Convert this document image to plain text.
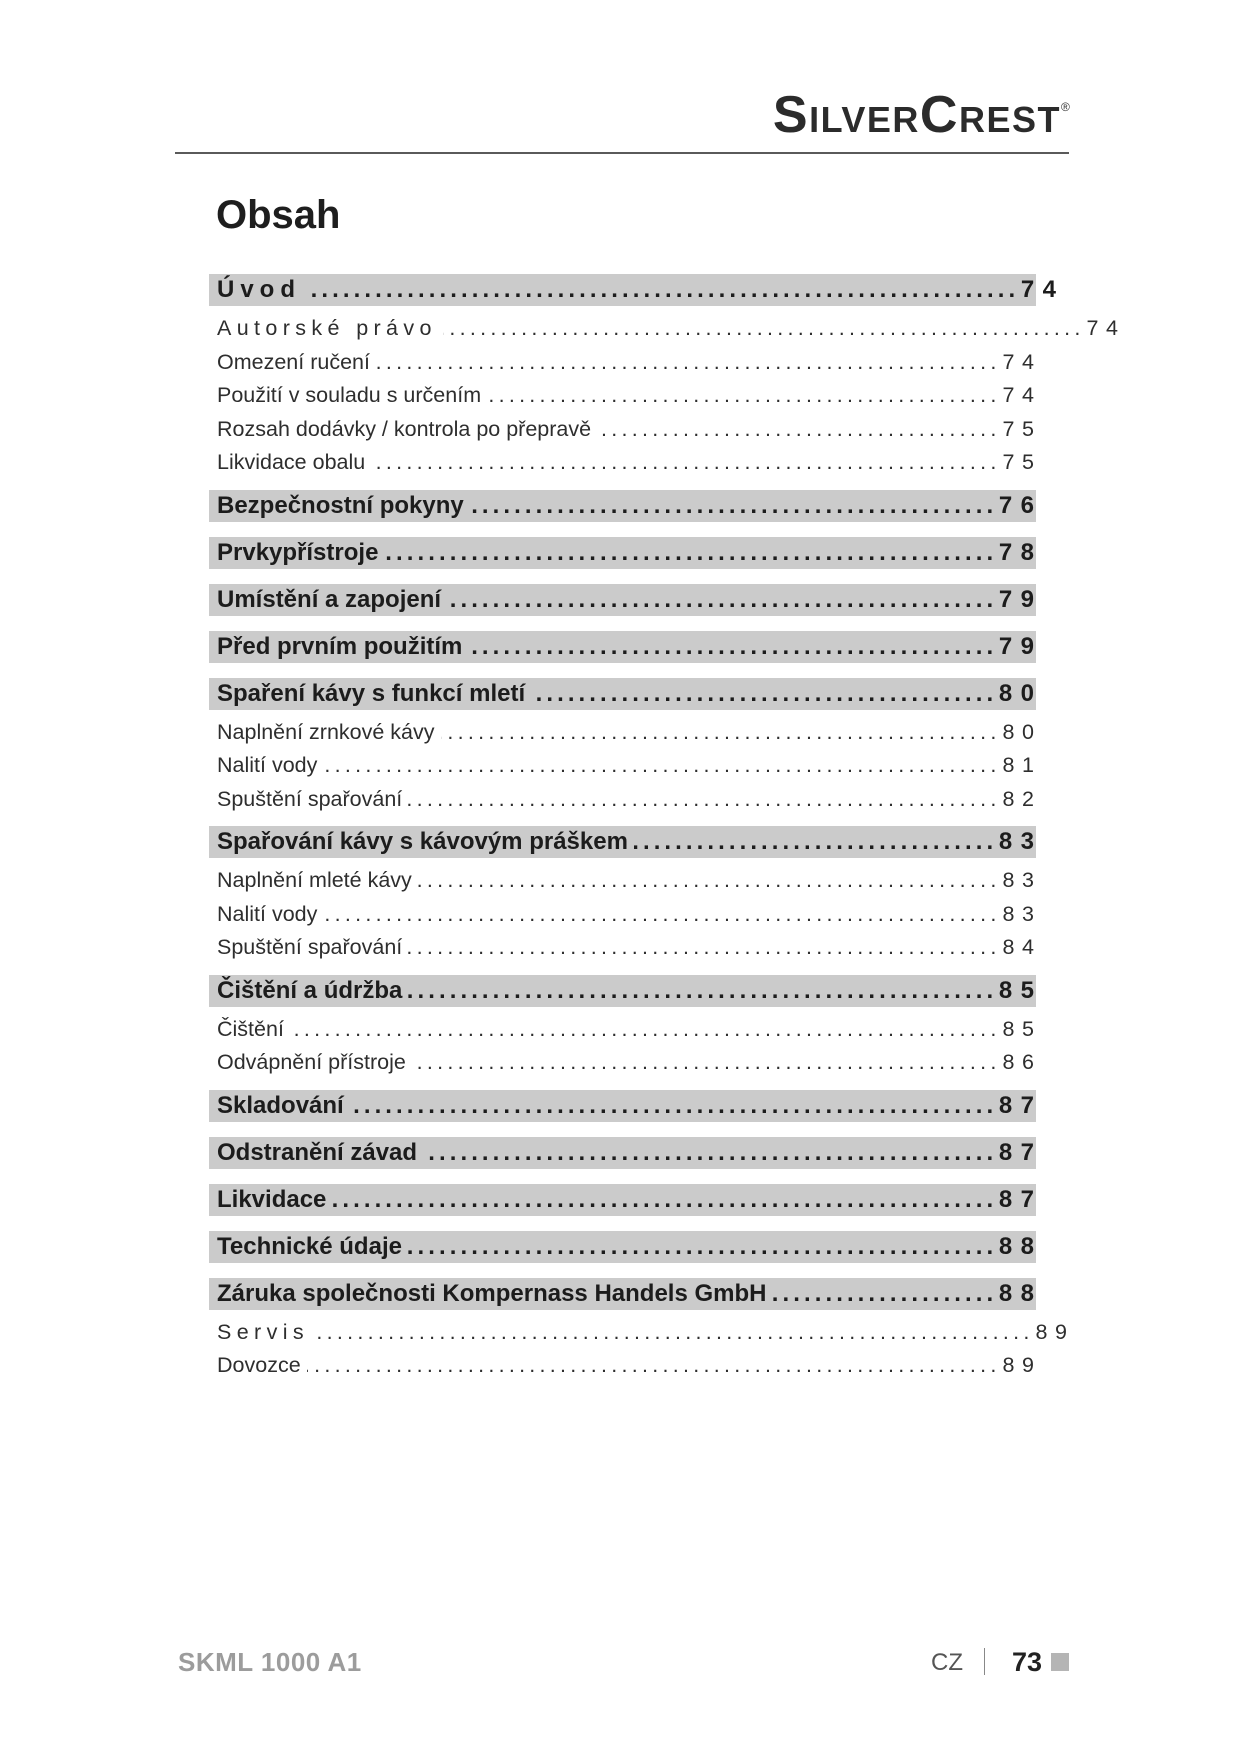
SilverCrest ®
Obsah
Úvod . . .	74
Autorské právo . . .	74
Omezení ručení . . .	74
Použití v souladu s určením . . .	74
Rozsah dodávky / kontrola po přepravě . . .	75
Likvidace obalu . . .	75
Bezpečnostní pokyny . . .	76
Prvkypřístroje . . .	78
Umístění a zapojení . . .	79
Před prvním použitím . . .	79
Spaření kávy s funkcí mletí . . .	80
Naplnění zrnkové kávy . . .	80
Nalití vody . . .	81
Spuštění spařování . . .	82
Spařování kávy s kávovým práškem . . .	83
Naplnění mleté kávy . . .	83
Nalití vody . . .	83
Spuštění spařování . . .	84
Čištění a údržba . . .	85
Čištění . . .	85
Odvápnění přístroje . . .	86
Skladování . . .	87
Odstranění závad . . .	87
Likvidace . . .	87
Technické údaje . . .	88
Záruka společnosti Kompernass Handels GmbH . . .	88
Servis . . .	89
Dovozce . . .	89
SKML 1000 A1	CZ 73
